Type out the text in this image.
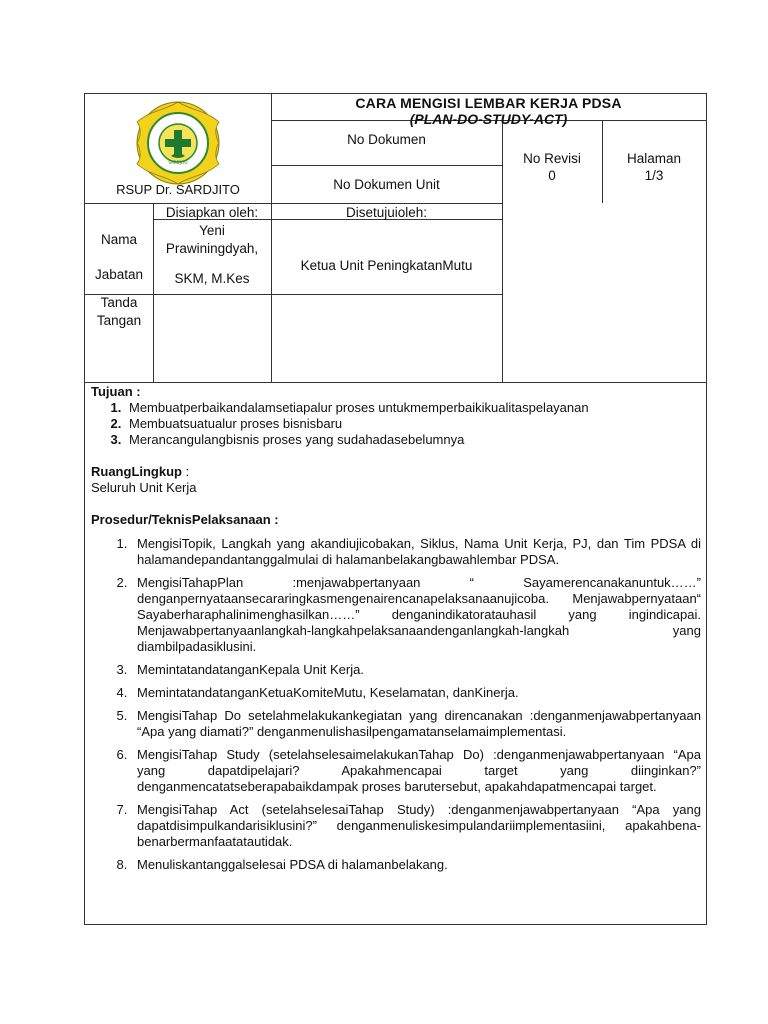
SARDJITO
RSUP Dr. SARDJITO
CARA MENGISI LEMBAR KERJA PDSA
(PLAN-DO-STUDY-ACT)
No Dokumen
No Dokumen Unit
No Revisi
0
Halaman
1/3
Disiapkan oleh:	Disetujuioleh:
Nama
Jabatan
Yeni
Prawiningdyah,
SKM, M.Kes
Ketua Unit PeningkatanMutu
Tanda
Tangan
Tujuan :
1. Membuatperbaikandalamsetiapalur proses untukmemperbaikikualitaspelayanan
2. Membuatsuatualur proses bisnisbaru
3. Merancangulangbisnis proses yang sudahadasebelumnya
RuangLingkup :
Seluruh Unit Kerja
Prosedur/TeknisPelaksanaan :
1. MengisiTopik, Langkah yang akandiujicobakan, Siklus, Nama Unit Kerja, PJ, dan Tim PDSA di halamandepandantanggalmulai di halamanbelakangbawahlembar PDSA.
2. MengisiTahapPlan :menjawabpertanyaan “ Sayamerencanakanuntuk……” denganpernyataansecararingkasmengenairencanapelaksanaanujicoba. Menjawabpernyataan“ Sayaberharaphalinimenghasilkan……” denganindikatoratauhasil yang ingindicapai. Menjawabpertanyaanlangkah-langkahpelaksanaandenganlangkah-langkah yang diambilpadasiklusini.
3. MemintatandatanganKepala Unit Kerja.
4. MemintatandatanganKetuaKomiteMutu, Keselamatan, danKinerja.
5. MengisiTahap Do setelahmelakukankegiatan yang direncanakan :denganmenjawabpertanyaan “Apa yang diamati?” denganmenulishasilpengamatanselamaimplementasi.
6. MengisiTahap Study (setelahselesaimelakukanTahap Do) :denganmenjawabpertanyaan “Apa yang dapatdipelajari? Apakahmencapai target yang diinginkan?” denganmencatatseberapabaikdampak proses barutersebut, apakahdapatmencapai target.
7. MengisiTahap Act (setelahselesaiTahap Study) :denganmenjawabpertanyaan “Apa yang dapatdisimpulkandarisiklusini?” denganmenuliskesimpulandariimplementasiini, apakahbena-benarbermanfaatatautidak.
8. Menuliskantanggalselesai PDSA di halamanbelakang.
